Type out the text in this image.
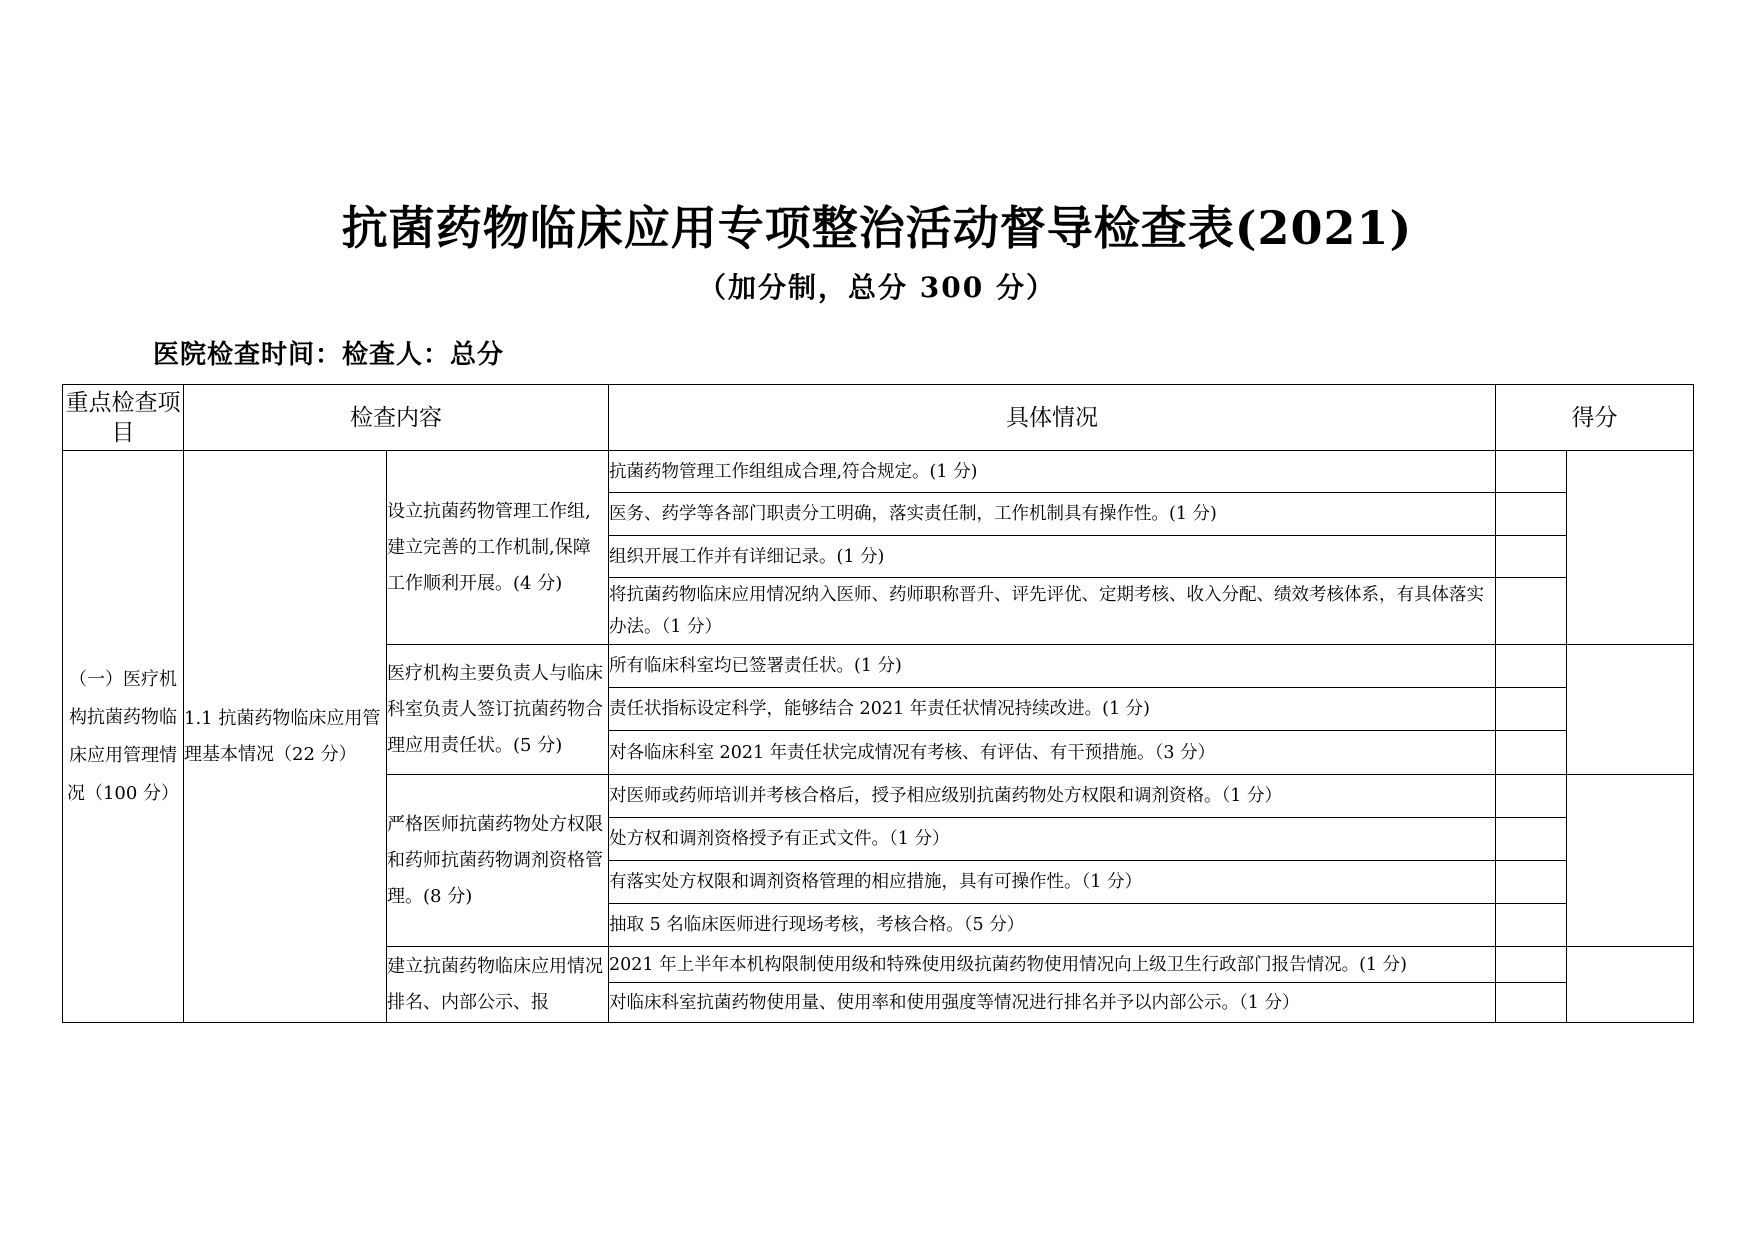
抗菌药物临床应用专项整治活动督导检查表(2021)
（加分制，总分 300 分）
医院检查时间：检查人：总分
重点检查项目	检查内容		具体情况	得分	
（一）医疗机构抗菌药物临床应用管理情况（100 分）	1.1 抗菌药物临床应用管理基本情况（22 分）	设立抗菌药物管理工作组,建立完善的工作机制,保障工作顺利开展。(4 分)	抗菌药物管理工作组组成合理,符合规定。(1 分)		
			医务、药学等各部门职责分工明确，落实责任制，工作机制具有操作性。(1 分)		
			组织开展工作并有详细记录。(1 分)		
			将抗菌药物临床应用情况纳入医师、药师职称晋升、评先评优、定期考核、收入分配、绩效考核体系，有具体落实办法。（1 分）		
		医疗机构主要负责人与临床科室负责人签订抗菌药物合理应用责任状。(5 分)	所有临床科室均已签署责任状。(1 分)		
			责任状指标设定科学，能够结合 2021 年责任状情况持续改进。(1 分)		
			对各临床科室 2021 年责任状完成情况有考核、有评估、有干预措施。（3 分）		
		严格医师抗菌药物处方权限和药师抗菌药物调剂资格管理。(8 分)	对医师或药师培训并考核合格后，授予相应级别抗菌药物处方权限和调剂资格。（1 分）		
			处方权和调剂资格授予有正式文件。（1 分）		
			有落实处方权限和调剂资格管理的相应措施，具有可操作性。（1 分）		
			抽取 5 名临床医师进行现场考核，考核合格。（5 分）		
		建立抗菌药物临床应用情况排名、内部公示、报	2021 年上半年本机构限制使用级和特殊使用级抗菌药物使用情况向上级卫生行政部门报告情况。(1 分)		
			对临床科室抗菌药物使用量、使用率和使用强度等情况进行排名并予以内部公示。（1 分）		
